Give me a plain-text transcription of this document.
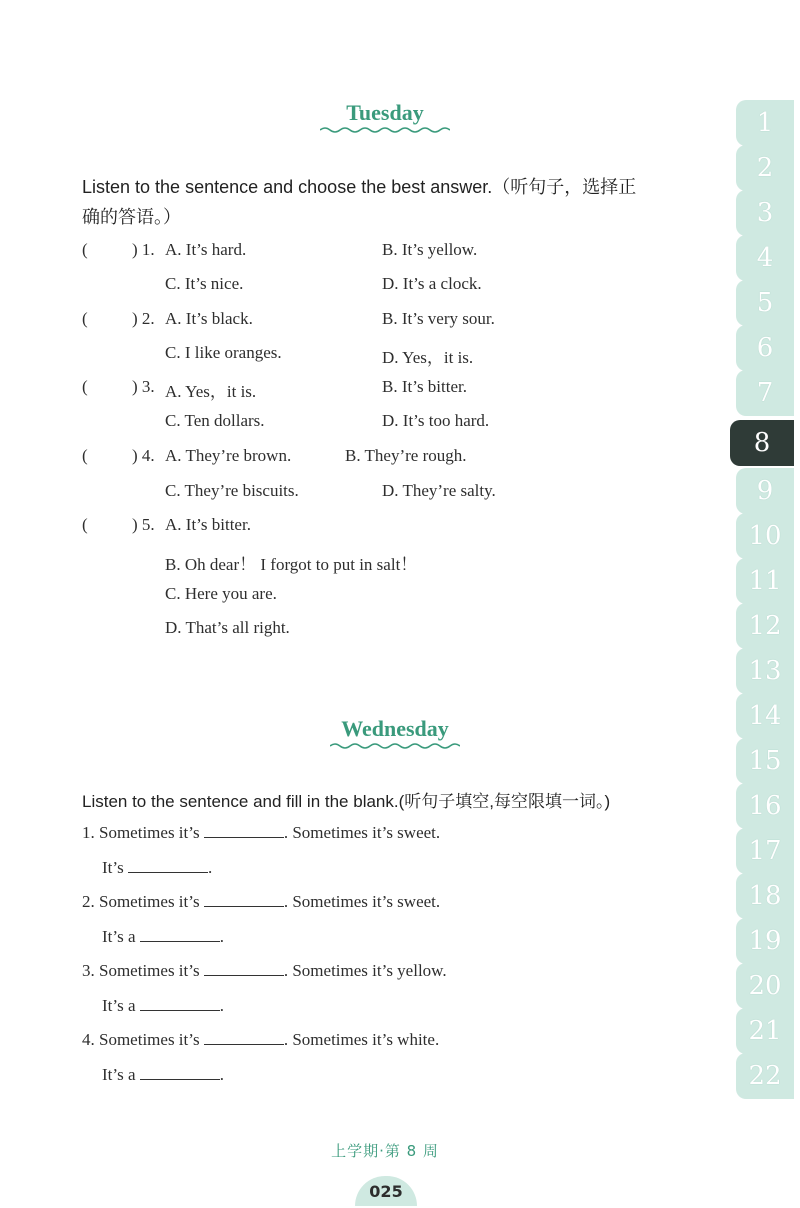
Tuesday
Listen to the sentence and choose the best answer.（听句子，选择正
确的答语。）
(	) 1. A. It’s hard.	B. It’s yellow.
C. It’s nice.	D. It’s a clock.
(	) 2. A. It’s black.	B. It’s very sour.
C. I like oranges.	D. Yes，it is.
(	) 3. A. Yes，it is.	B. It’s bitter.
C. Ten dollars.	D. It’s too hard.
(	) 4. A. They’re brown.	B. They’re rough.
C. They’re biscuits.	D. They’re salty.
(	) 5. A. It’s bitter.
B. Oh dear！ I forgot to put in salt！
C. Here you are.
D. That’s all right.
Wednesday
Listen to the sentence and fill in the blank.(听句子填空,每空限填一词。)
1. Sometimes it’s	. Sometimes it’s sweet.
It’s	.
2. Sometimes it’s	. Sometimes it’s sweet.
It’s a	.
3. Sometimes it’s	. Sometimes it’s yellow.
It’s a	.
4. Sometimes it’s	. Sometimes it’s white.
It’s a	.
1
2
3
4
5
6
7
8
9
10
11
12
13
14
15
16
17
18
19
20
21
22
上学期·第 8 周
025
